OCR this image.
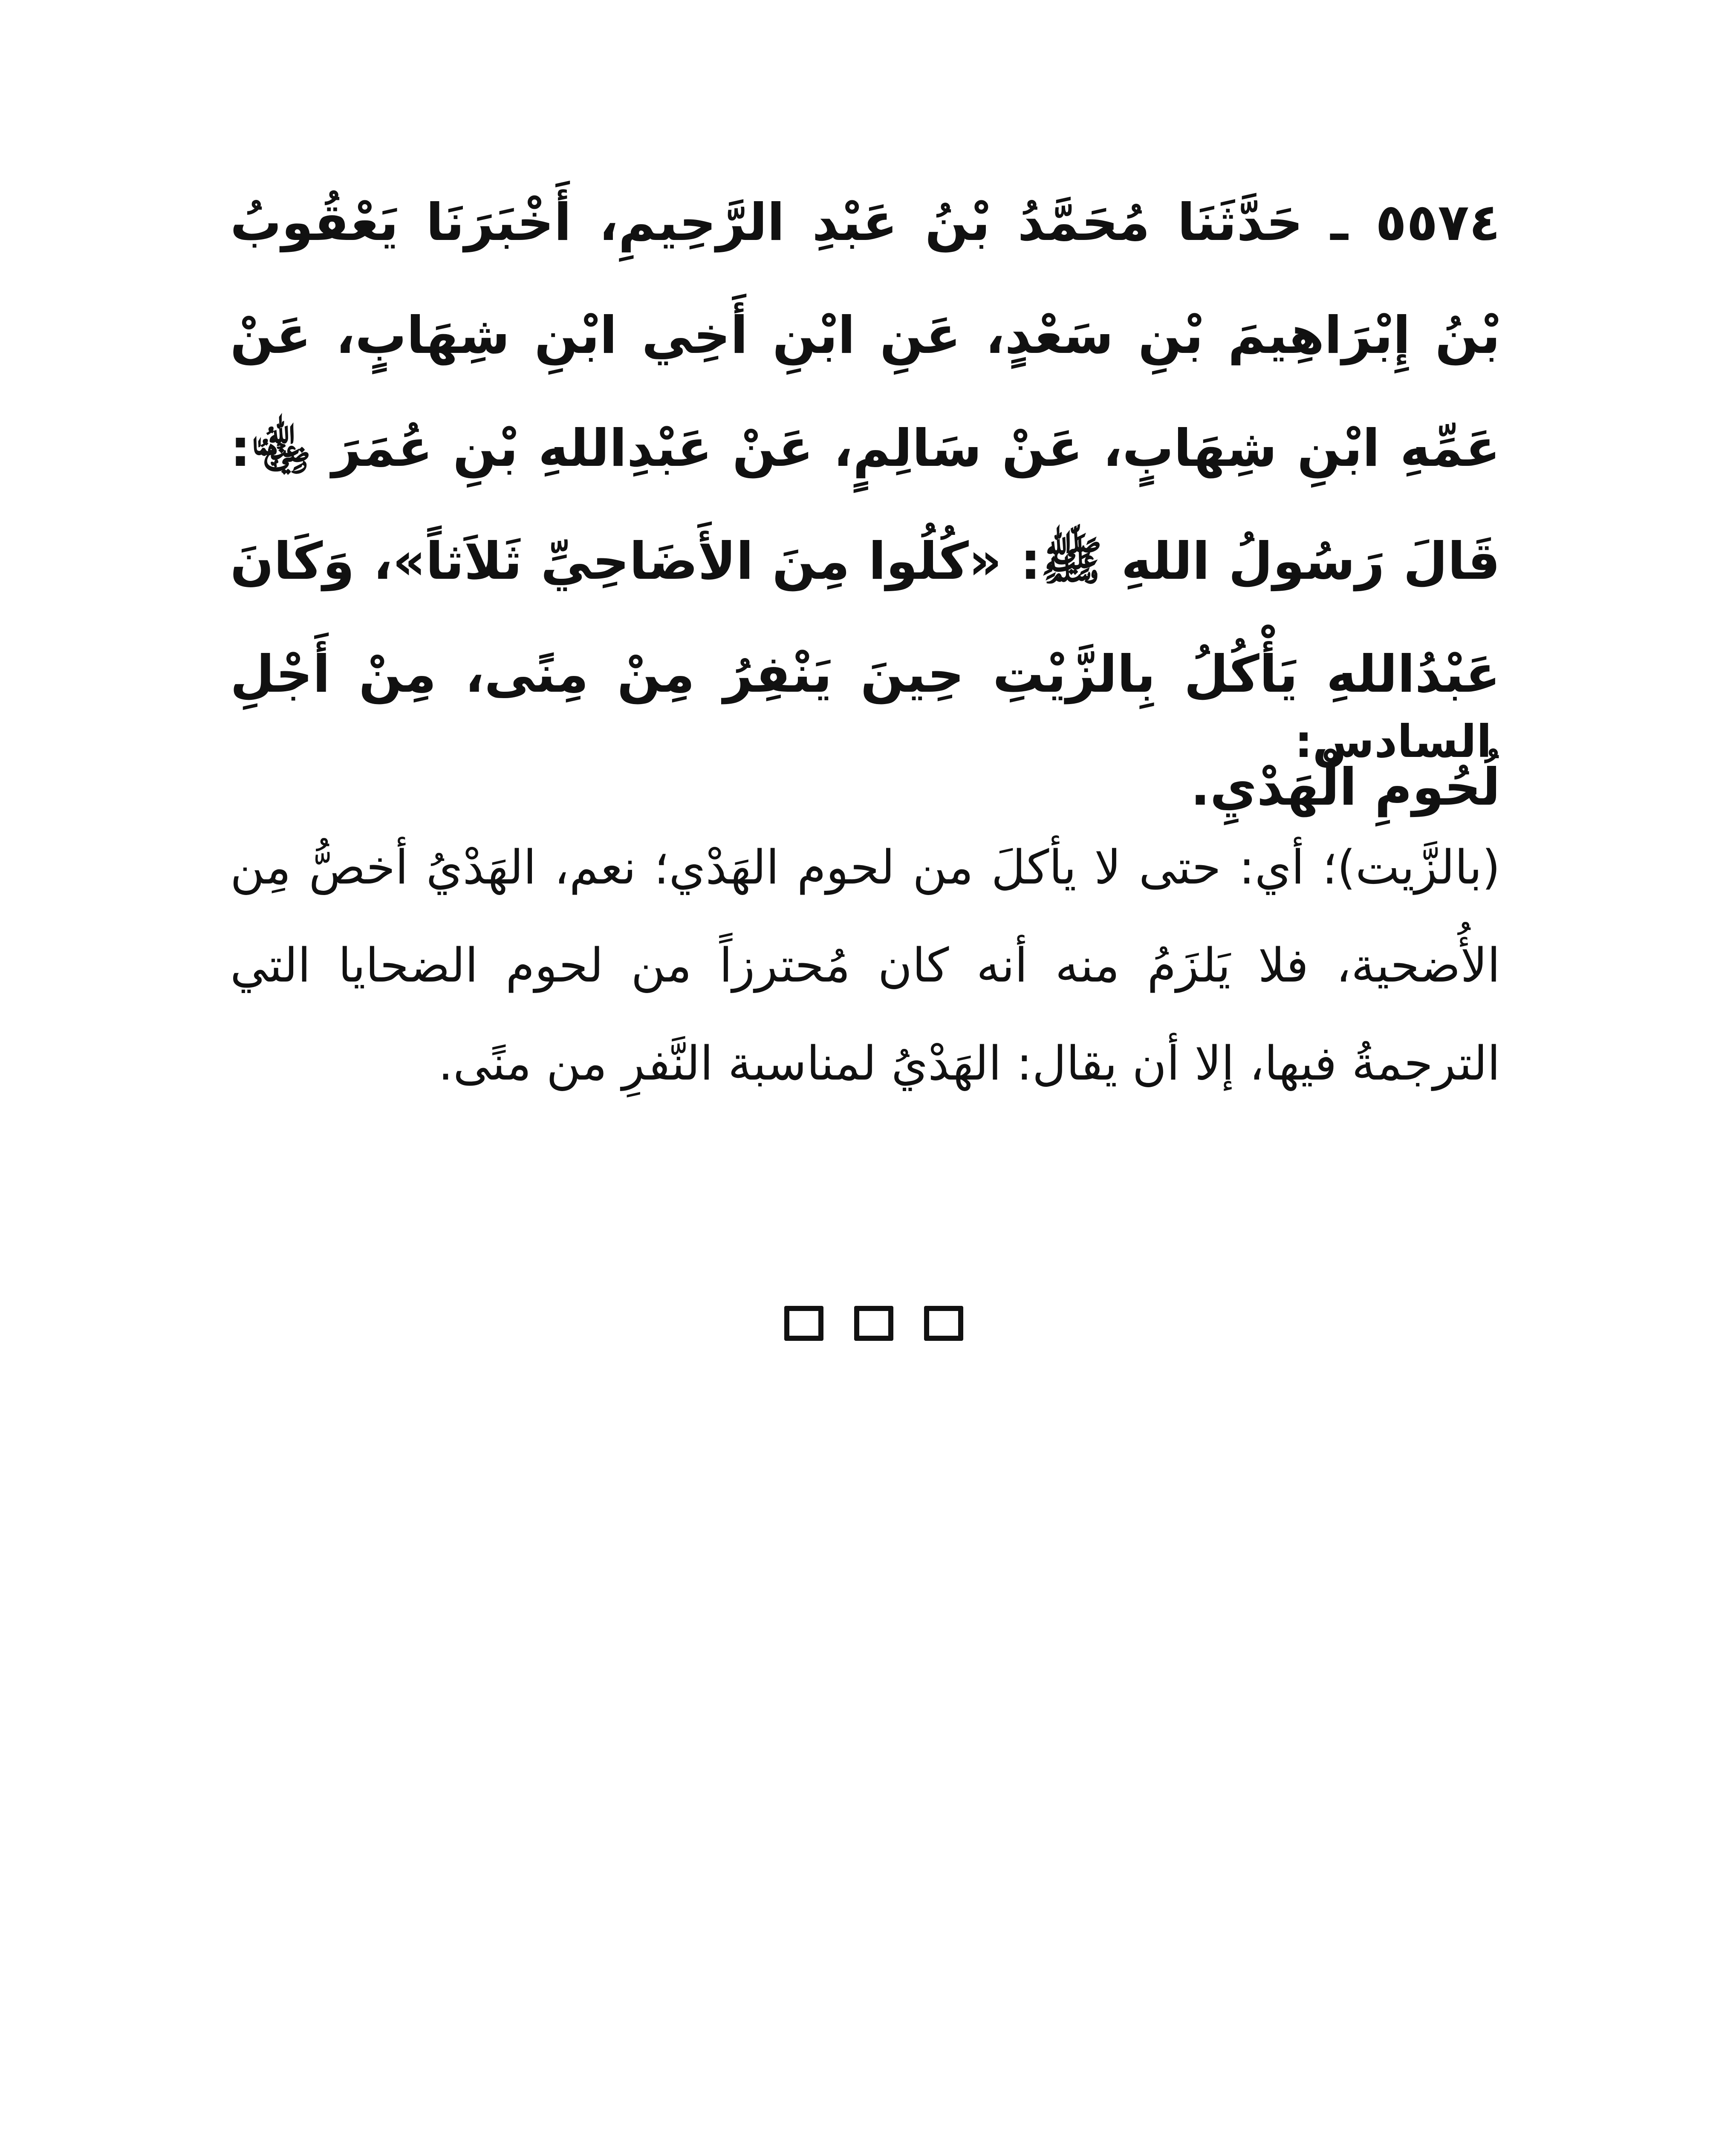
٥٥٧٤ ـ حَدَّثَنَا مُحَمَّدُ بْنُ عَبْدِ الرَّحِيمِ، أَخْبَرَنَا يَعْقُوبُ بْنُ إِبْرَاهِيمَ بْنِ سَعْدٍ، عَنِ ابْنِ أَخِي ابْنِ شِهَابٍ، عَنْ عَمِّهِ ابْنِ شِهَابٍ، عَنْ سَالِمٍ، عَنْ عَبْدِاللهِ بْنِ عُمَرَ ﵄: قَالَ رَسُولُ اللهِ ﷺ: «كُلُوا مِنَ الأَضَاحِيِّ ثَلاَثاً»، وَكَانَ عَبْدُاللهِ يَأْكُلُ بِالزَّيْتِ حِينَ يَنْفِرُ مِنْ مِنًى، مِنْ أَجْلِ لُحُومِ الْهَدْيِ.
السادس:
(بالزَّيت)؛ أي: حتى لا يأكلَ من لحوم الهَدْي؛ نعم، الهَدْيُ أخصُّ مِن الأُضحية، فلا يَلزَمُ منه أنه كان مُحترزاً من لحوم الضحايا التي الترجمةُ فيها، إلا أن يقال: الهَدْيُ لمناسبة النَّفرِ من منًى.
